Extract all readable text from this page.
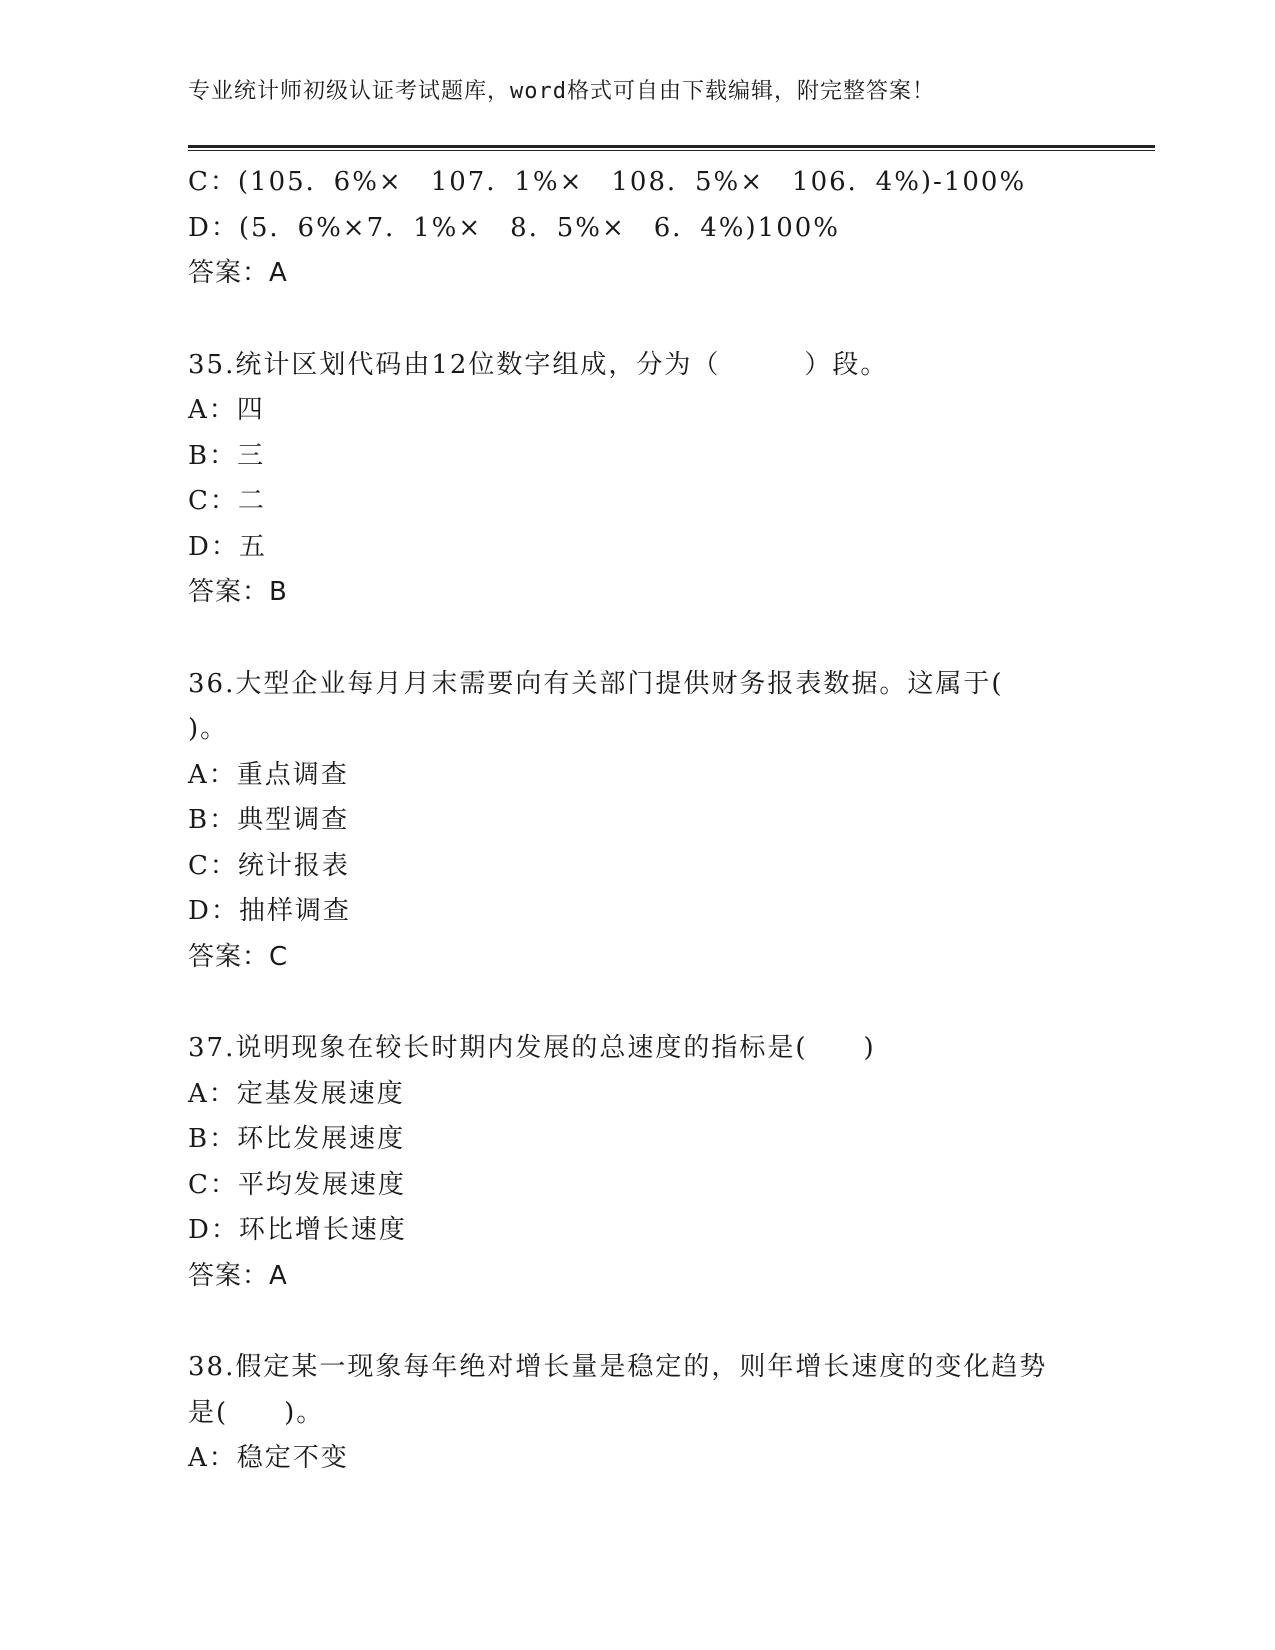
专业统计师初级认证考试题库，word格式可自由下载编辑，附完整答案！
C：(105．6%×　107．1%×　108．5%×　106．4%)-100%
D：(5．6%×7．1%×　8．5%×　6．4%)100%
答案：A
35.统计区划代码由12位数字组成，分为（　　　）段。
A：四
B：三
C：二
D：五
答案：B
36.大型企业每月月末需要向有关部门提供财务报表数据。这属于(
)。
A：重点调查
B：典型调查
C：统计报表
D：抽样调查
答案：C
37.说明现象在较长时期内发展的总速度的指标是(　　)
A：定基发展速度
B：环比发展速度
C：平均发展速度
D：环比增长速度
答案：A
38.假定某一现象每年绝对增长量是稳定的，则年增长速度的变化趋势
是(　　)。
A：稳定不变
